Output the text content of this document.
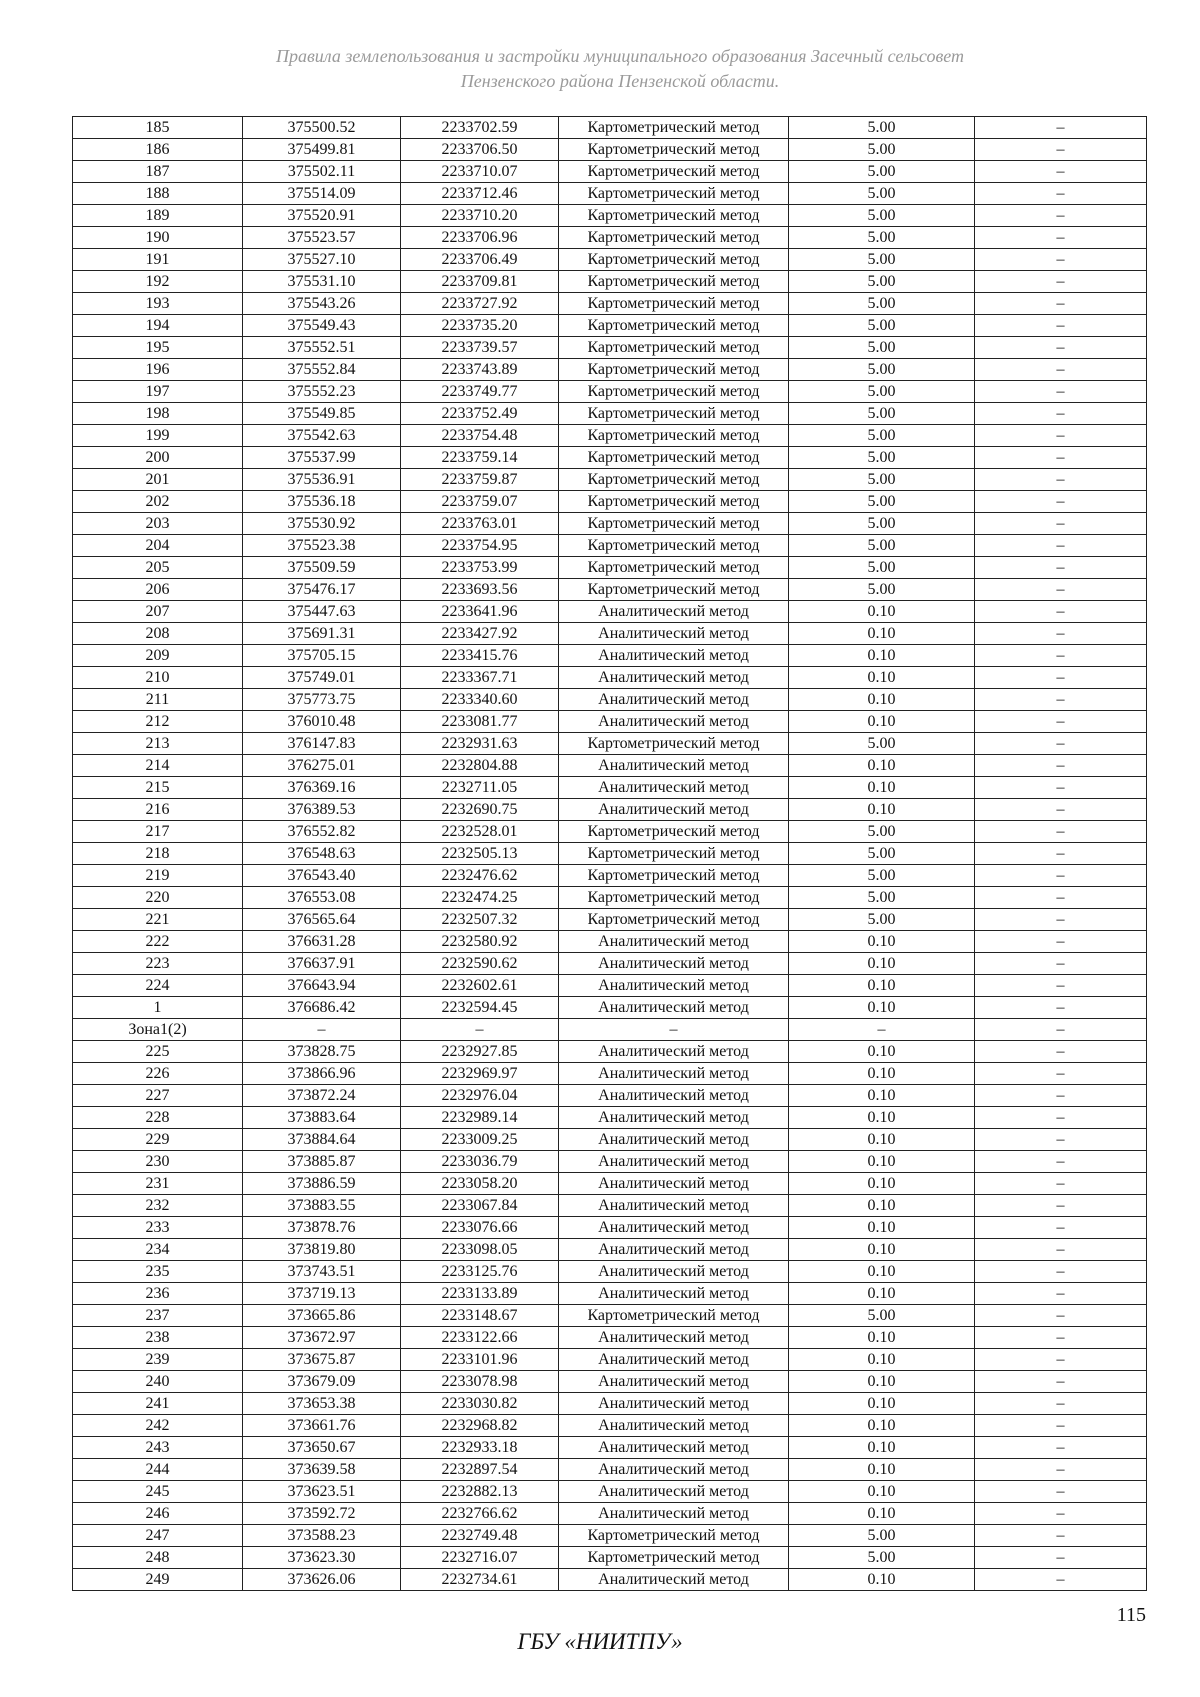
Правила землепользования и застройки муниципального образования Засечный сельсовет
Пензенского района Пензенской области.
185	375500.52	2233702.59	Картометрический метод	5.00	–
186	375499.81	2233706.50	Картометрический метод	5.00	–
187	375502.11	2233710.07	Картометрический метод	5.00	–
188	375514.09	2233712.46	Картометрический метод	5.00	–
189	375520.91	2233710.20	Картометрический метод	5.00	–
190	375523.57	2233706.96	Картометрический метод	5.00	–
191	375527.10	2233706.49	Картометрический метод	5.00	–
192	375531.10	2233709.81	Картометрический метод	5.00	–
193	375543.26	2233727.92	Картометрический метод	5.00	–
194	375549.43	2233735.20	Картометрический метод	5.00	–
195	375552.51	2233739.57	Картометрический метод	5.00	–
196	375552.84	2233743.89	Картометрический метод	5.00	–
197	375552.23	2233749.77	Картометрический метод	5.00	–
198	375549.85	2233752.49	Картометрический метод	5.00	–
199	375542.63	2233754.48	Картометрический метод	5.00	–
200	375537.99	2233759.14	Картометрический метод	5.00	–
201	375536.91	2233759.87	Картометрический метод	5.00	–
202	375536.18	2233759.07	Картометрический метод	5.00	–
203	375530.92	2233763.01	Картометрический метод	5.00	–
204	375523.38	2233754.95	Картометрический метод	5.00	–
205	375509.59	2233753.99	Картометрический метод	5.00	–
206	375476.17	2233693.56	Картометрический метод	5.00	–
207	375447.63	2233641.96	Аналитический метод	0.10	–
208	375691.31	2233427.92	Аналитический метод	0.10	–
209	375705.15	2233415.76	Аналитический метод	0.10	–
210	375749.01	2233367.71	Аналитический метод	0.10	–
211	375773.75	2233340.60	Аналитический метод	0.10	–
212	376010.48	2233081.77	Аналитический метод	0.10	–
213	376147.83	2232931.63	Картометрический метод	5.00	–
214	376275.01	2232804.88	Аналитический метод	0.10	–
215	376369.16	2232711.05	Аналитический метод	0.10	–
216	376389.53	2232690.75	Аналитический метод	0.10	–
217	376552.82	2232528.01	Картометрический метод	5.00	–
218	376548.63	2232505.13	Картометрический метод	5.00	–
219	376543.40	2232476.62	Картометрический метод	5.00	–
220	376553.08	2232474.25	Картометрический метод	5.00	–
221	376565.64	2232507.32	Картометрический метод	5.00	–
222	376631.28	2232580.92	Аналитический метод	0.10	–
223	376637.91	2232590.62	Аналитический метод	0.10	–
224	376643.94	2232602.61	Аналитический метод	0.10	–
1	376686.42	2232594.45	Аналитический метод	0.10	–
Зона1(2)	–	–	–	–	–
225	373828.75	2232927.85	Аналитический метод	0.10	–
226	373866.96	2232969.97	Аналитический метод	0.10	–
227	373872.24	2232976.04	Аналитический метод	0.10	–
228	373883.64	2232989.14	Аналитический метод	0.10	–
229	373884.64	2233009.25	Аналитический метод	0.10	–
230	373885.87	2233036.79	Аналитический метод	0.10	–
231	373886.59	2233058.20	Аналитический метод	0.10	–
232	373883.55	2233067.84	Аналитический метод	0.10	–
233	373878.76	2233076.66	Аналитический метод	0.10	–
234	373819.80	2233098.05	Аналитический метод	0.10	–
235	373743.51	2233125.76	Аналитический метод	0.10	–
236	373719.13	2233133.89	Аналитический метод	0.10	–
237	373665.86	2233148.67	Картометрический метод	5.00	–
238	373672.97	2233122.66	Аналитический метод	0.10	–
239	373675.87	2233101.96	Аналитический метод	0.10	–
240	373679.09	2233078.98	Аналитический метод	0.10	–
241	373653.38	2233030.82	Аналитический метод	0.10	–
242	373661.76	2232968.82	Аналитический метод	0.10	–
243	373650.67	2232933.18	Аналитический метод	0.10	–
244	373639.58	2232897.54	Аналитический метод	0.10	–
245	373623.51	2232882.13	Аналитический метод	0.10	–
246	373592.72	2232766.62	Аналитический метод	0.10	–
247	373588.23	2232749.48	Картометрический метод	5.00	–
248	373623.30	2232716.07	Картометрический метод	5.00	–
249	373626.06	2232734.61	Аналитический метод	0.10	–
115
ГБУ «НИИТПУ»
